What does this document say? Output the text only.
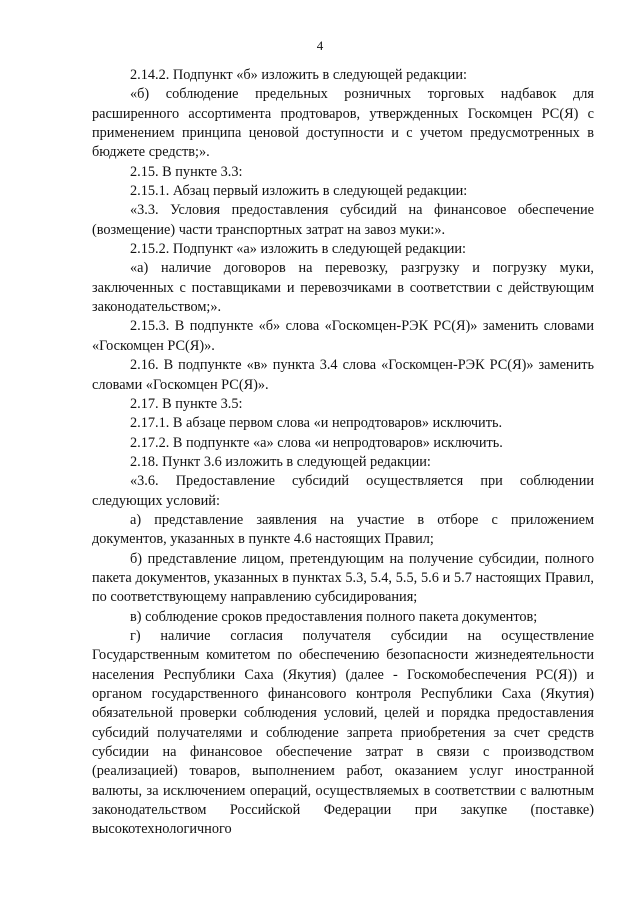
4

2.14.2. Подпункт «б» изложить в следующей редакции:

«б) соблюдение предельных розничных торговых надбавок для расширенного ассортимента продтоваров, утвержденных Госкомцен РС(Я) с применением принципа ценовой доступности и с учетом предусмотренных в бюджете средств;».

2.15. В пункте 3.3:

2.15.1. Абзац первый изложить в следующей редакции:

«3.3. Условия предоставления субсидий на финансовое обеспечение (возмещение) части транспортных затрат на завоз муки:».

2.15.2. Подпункт «а» изложить в следующей редакции:

«а) наличие договоров на перевозку, разгрузку и погрузку муки, заключенных с поставщиками и перевозчиками в соответствии с действующим законодательством;».

2.15.3. В подпункте «б» слова «Госкомцен-РЭК РС(Я)» заменить словами «Госкомцен РС(Я)».

2.16. В подпункте «в» пункта 3.4 слова «Госкомцен-РЭК РС(Я)» заменить словами «Госкомцен РС(Я)».

2.17. В пункте 3.5:

2.17.1. В абзаце первом слова «и непродтоваров» исключить.

2.17.2. В подпункте «а» слова «и непродтоваров» исключить.

2.18. Пункт 3.6 изложить в следующей редакции:

«3.6. Предоставление субсидий осуществляется при соблюдении следующих условий:

а) представление заявления на участие в отборе с приложением документов, указанных в пункте 4.6 настоящих Правил;

б) представление лицом, претендующим на получение субсидии, полного пакета документов, указанных в пунктах 5.3, 5.4, 5.5, 5.6 и 5.7 настоящих Правил, по соответствующему направлению субсидирования;

в) соблюдение сроков предоставления полного пакета документов;

г) наличие согласия получателя субсидии на осуществление Государственным комитетом по обеспечению безопасности жизнедеятельности населения Республики Саха (Якутия) (далее - Госкомобеспечения РС(Я)) и органом государственного финансового контроля Республики Саха (Якутия) обязательной проверки соблюдения условий, целей и порядка предоставления субсидий получателями и соблюдение запрета приобретения за счет средств субсидии на финансовое обеспечение затрат в связи с производством (реализацией) товаров, выполнением работ, оказанием услуг иностранной валюты, за исключением операций, осуществляемых в соответствии с валютным законодательством Российской Федерации при закупке (поставке) высокотехнологичного
